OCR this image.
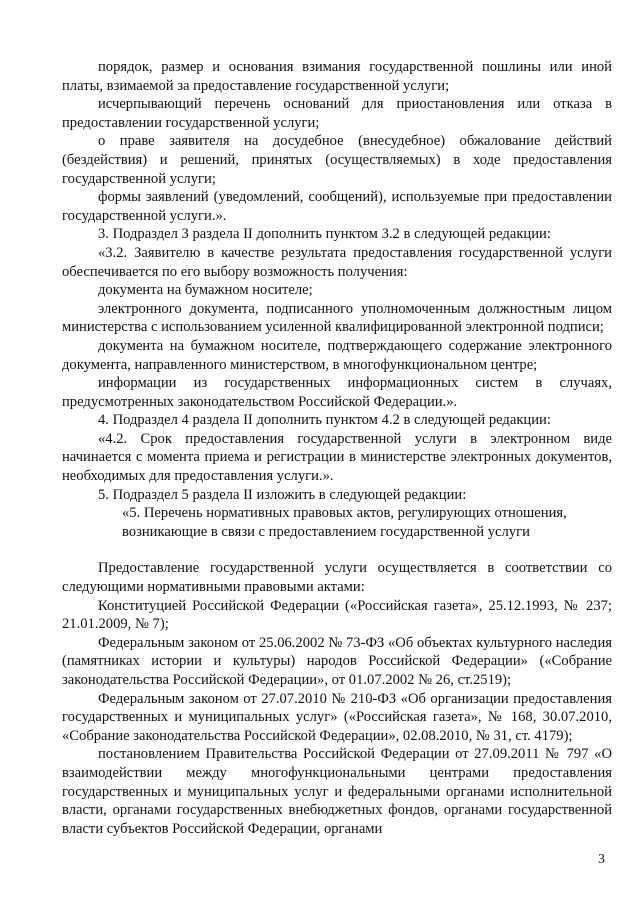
порядок, размер и основания взимания государственной пошлины или иной платы, взимаемой за предоставление государственной услуги;

исчерпывающий перечень оснований для приостановления или отказа в предоставлении государственной услуги;

о праве заявителя на досудебное (внесудебное) обжалование действий (бездействия) и решений, принятых (осуществляемых) в ходе предоставления государственной услуги;

формы заявлений (уведомлений, сообщений), используемые при предоставлении государственной услуги.».

3. Подраздел 3 раздела II дополнить пунктом 3.2 в следующей редакции:

«3.2. Заявителю в качестве результата предоставления государственной услуги обеспечивается по его выбору возможность получения:

документа на бумажном носителе;

электронного документа, подписанного уполномоченным должностным лицом министерства с использованием усиленной квалифицированной электронной подписи;

документа на бумажном носителе, подтверждающего содержание электронного документа, направленного министерством, в многофункциональном центре;

информации из государственных информационных систем в случаях, предусмотренных законодательством Российской Федерации.».

4. Подраздел 4 раздела II дополнить пунктом 4.2 в следующей редакции:

«4.2. Срок предоставления государственной услуги в электронном виде начинается с момента приема и регистрации в министерстве электронных документов, необходимых для предоставления услуги.».

5. Подраздел 5 раздела II изложить в следующей редакции:

«5. Перечень нормативных правовых актов, регулирующих отношения, возникающие в связи с предоставлением государственной услуги

Предоставление государственной услуги осуществляется в соответствии со следующими нормативными правовыми актами:

Конституцией Российской Федерации («Российская газета», 25.12.1993, № 237; 21.01.2009, № 7);

Федеральным законом от 25.06.2002 № 73-ФЗ «Об объектах культурного наследия (памятниках истории и культуры) народов Российской Федерации» («Собрание законодательства Российской Федерации», от 01.07.2002 № 26, ст.2519);

Федеральным законом от 27.07.2010 № 210-ФЗ «Об организации предоставления государственных и муниципальных услуг» («Российская газета», № 168, 30.07.2010, «Собрание законодательства Российской Федерации», 02.08.2010, № 31, ст. 4179);

постановлением Правительства Российской Федерации от 27.09.2011 № 797 «О взаимодействии между многофункциональными центрами предоставления государственных и муниципальных услуг и федеральными органами исполнительной власти, органами государственных внебюджетных фондов, органами государственной власти субъектов Российской Федерации, органами

3
